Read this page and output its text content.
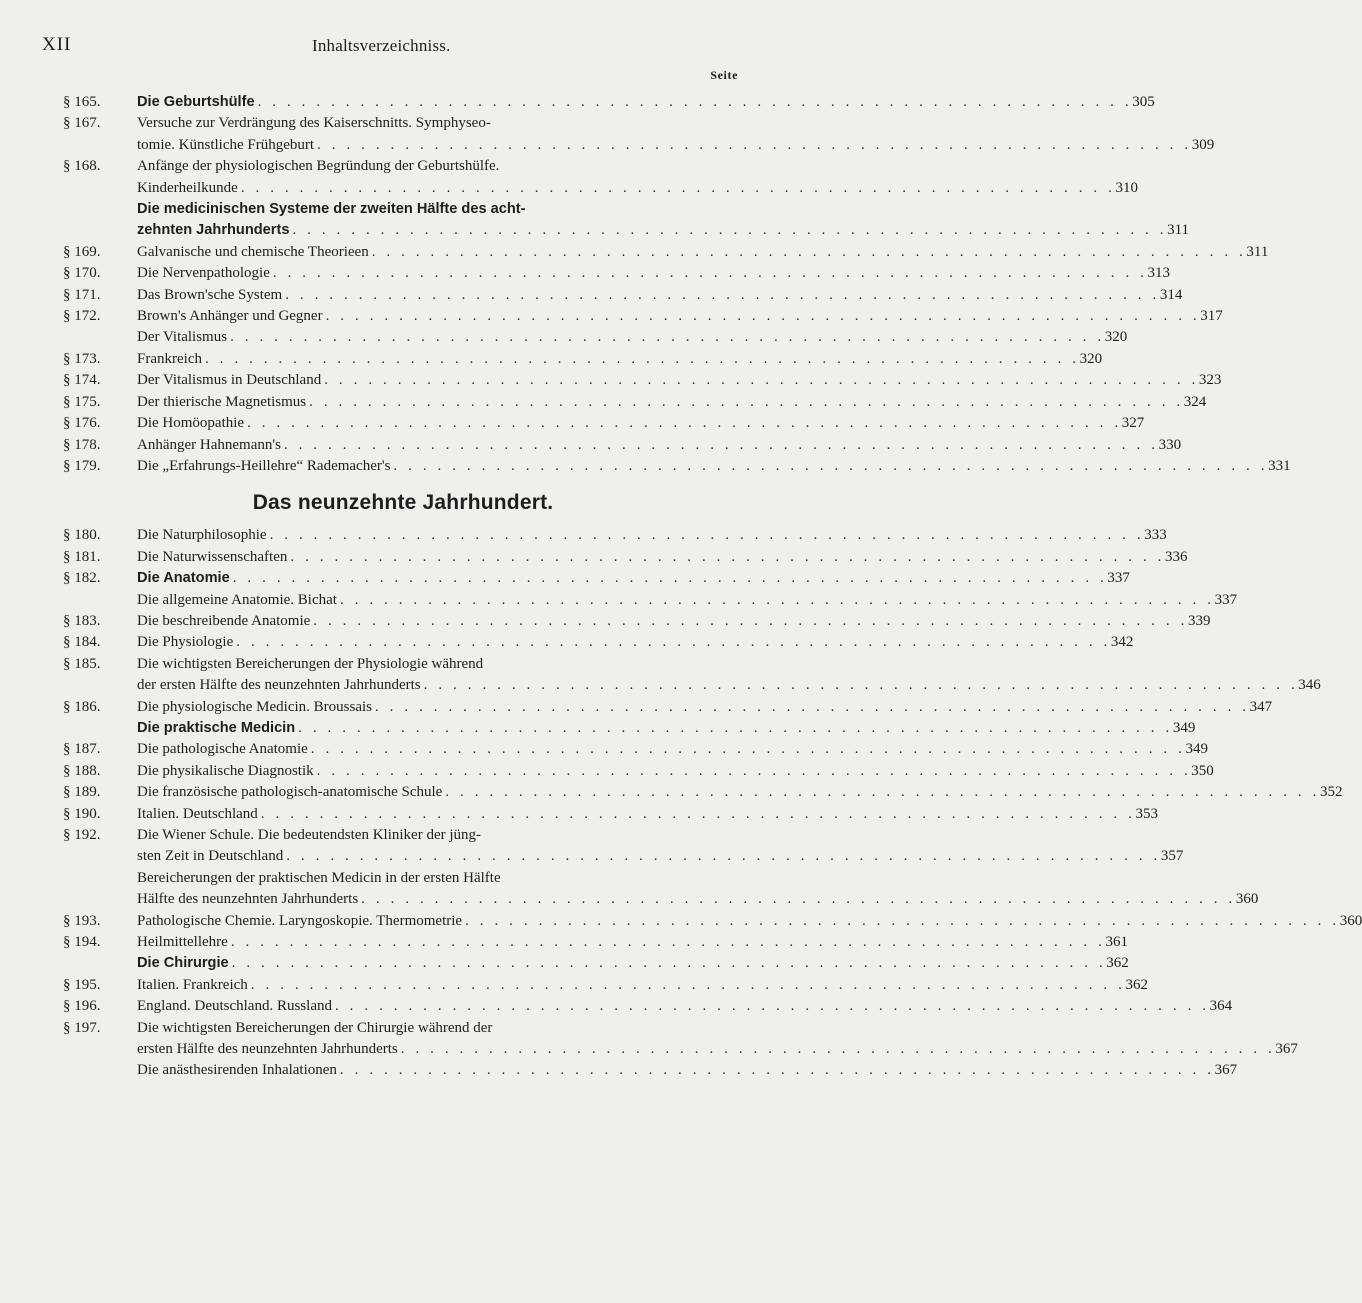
XII	Inhaltsverzeichniss.
Seite
§ 165.	Die Geburtshülfe . . . . . . . . . . . . . . . . . . . . . . . . . . . . . . . . . . . . . . . . . . . . . . . . . . . . . . . . . . . . 305
§ 167.	Versuche zur Verdrängung des Kaiserschnitts. Symphyseo-
tomie. Künstliche Frühgeburt . . . . . . . . . . . . . . . . . . . . . . . . . . . . . . . . . . . . . . . . . . . . . . . . . . . . . . . . . . . . 309
§ 168.	Anfänge der physiologischen Begründung der Geburtshülfe.
Kinderheilkunde . . . . . . . . . . . . . . . . . . . . . . . . . . . . . . . . . . . . . . . . . . . . . . . . . . . . . . . . . . . . 310
Die medicinischen Systeme der zweiten Hälfte des acht-
zehnten Jahrhunderts . . . . . . . . . . . . . . . . . . . . . . . . . . . . . . . . . . . . . . . . . . . . . . . . . . . . . . . . . . . . 311
§ 169.	Galvanische und chemische Theorieen . . . . . . . . . . . . . . . . . . . . . . . . . . . . . . . . . . . . . . . . . . . . . . . . . . . . . . . . . . . . 311
§ 170.	Die Nervenpathologie . . . . . . . . . . . . . . . . . . . . . . . . . . . . . . . . . . . . . . . . . . . . . . . . . . . . . . . . . . . . 313
§ 171.	Das Brown'sche System . . . . . . . . . . . . . . . . . . . . . . . . . . . . . . . . . . . . . . . . . . . . . . . . . . . . . . . . . . . . 314
§ 172.	Brown's Anhänger und Gegner . . . . . . . . . . . . . . . . . . . . . . . . . . . . . . . . . . . . . . . . . . . . . . . . . . . . . . . . . . . . 317
Der Vitalismus . . . . . . . . . . . . . . . . . . . . . . . . . . . . . . . . . . . . . . . . . . . . . . . . . . . . . . . . . . . . 320
§ 173.	Frankreich . . . . . . . . . . . . . . . . . . . . . . . . . . . . . . . . . . . . . . . . . . . . . . . . . . . . . . . . . . . . 320
§ 174.	Der Vitalismus in Deutschland . . . . . . . . . . . . . . . . . . . . . . . . . . . . . . . . . . . . . . . . . . . . . . . . . . . . . . . . . . . . 323
§ 175.	Der thierische Magnetismus . . . . . . . . . . . . . . . . . . . . . . . . . . . . . . . . . . . . . . . . . . . . . . . . . . . . . . . . . . . . 324
§ 176.	Die Homöopathie . . . . . . . . . . . . . . . . . . . . . . . . . . . . . . . . . . . . . . . . . . . . . . . . . . . . . . . . . . . . 327
§ 178.	Anhänger Hahnemann's . . . . . . . . . . . . . . . . . . . . . . . . . . . . . . . . . . . . . . . . . . . . . . . . . . . . . . . . . . . . 330
§ 179.	Die „Erfahrungs-Heillehre“ Rademacher's . . . . . . . . . . . . . . . . . . . . . . . . . . . . . . . . . . . . . . . . . . . . . . . . . . . . . . . . . . . . 331
Das neunzehnte Jahrhundert.
§ 180.	Die Naturphilosophie . . . . . . . . . . . . . . . . . . . . . . . . . . . . . . . . . . . . . . . . . . . . . . . . . . . . . . . . . . . . 333
§ 181.	Die Naturwissenschaften . . . . . . . . . . . . . . . . . . . . . . . . . . . . . . . . . . . . . . . . . . . . . . . . . . . . . . . . . . . . 336
§ 182.	Die Anatomie . . . . . . . . . . . . . . . . . . . . . . . . . . . . . . . . . . . . . . . . . . . . . . . . . . . . . . . . . . . . 337
Die allgemeine Anatomie. Bichat . . . . . . . . . . . . . . . . . . . . . . . . . . . . . . . . . . . . . . . . . . . . . . . . . . . . . . . . . . . . 337
§ 183.	Die beschreibende Anatomie . . . . . . . . . . . . . . . . . . . . . . . . . . . . . . . . . . . . . . . . . . . . . . . . . . . . . . . . . . . . 339
§ 184.	Die Physiologie . . . . . . . . . . . . . . . . . . . . . . . . . . . . . . . . . . . . . . . . . . . . . . . . . . . . . . . . . . . . 342
§ 185.	Die wichtigsten Bereicherungen der Physiologie während
der ersten Hälfte des neunzehnten Jahrhunderts . . . . . . . . . . . . . . . . . . . . . . . . . . . . . . . . . . . . . . . . . . . . . . . . . . . . . . . . . . . . 346
§ 186.	Die physiologische Medicin. Broussais . . . . . . . . . . . . . . . . . . . . . . . . . . . . . . . . . . . . . . . . . . . . . . . . . . . . . . . . . . . . 347
Die praktische Medicin . . . . . . . . . . . . . . . . . . . . . . . . . . . . . . . . . . . . . . . . . . . . . . . . . . . . . . . . . . . . 349
§ 187.	Die pathologische Anatomie . . . . . . . . . . . . . . . . . . . . . . . . . . . . . . . . . . . . . . . . . . . . . . . . . . . . . . . . . . . . 349
§ 188.	Die physikalische Diagnostik . . . . . . . . . . . . . . . . . . . . . . . . . . . . . . . . . . . . . . . . . . . . . . . . . . . . . . . . . . . . 350
§ 189.	Die französische pathologisch-anatomische Schule . . . . . . . . . . . . . . . . . . . . . . . . . . . . . . . . . . . . . . . . . . . . . . . . . . . . . . . . . . . . 352
§ 190.	Italien. Deutschland . . . . . . . . . . . . . . . . . . . . . . . . . . . . . . . . . . . . . . . . . . . . . . . . . . . . . . . . . . . . 353
§ 192.	Die Wiener Schule. Die bedeutendsten Kliniker der jüng-
sten Zeit in Deutschland . . . . . . . . . . . . . . . . . . . . . . . . . . . . . . . . . . . . . . . . . . . . . . . . . . . . . . . . . . . . 357
Bereicherungen der praktischen Medicin in der ersten Hälfte
Hälfte des neunzehnten Jahrhunderts . . . . . . . . . . . . . . . . . . . . . . . . . . . . . . . . . . . . . . . . . . . . . . . . . . . . . . . . . . . . 360
§ 193.	Pathologische Chemie. Laryngoskopie. Thermometrie . . . . . . . . . . . . . . . . . . . . . . . . . . . . . . . . . . . . . . . . . . . . . . . . . . . . . . . . . . . . 360
§ 194.	Heilmittellehre . . . . . . . . . . . . . . . . . . . . . . . . . . . . . . . . . . . . . . . . . . . . . . . . . . . . . . . . . . . . 361
Die Chirurgie . . . . . . . . . . . . . . . . . . . . . . . . . . . . . . . . . . . . . . . . . . . . . . . . . . . . . . . . . . . . 362
§ 195.	Italien. Frankreich . . . . . . . . . . . . . . . . . . . . . . . . . . . . . . . . . . . . . . . . . . . . . . . . . . . . . . . . . . . . 362
§ 196.	England. Deutschland. Russland . . . . . . . . . . . . . . . . . . . . . . . . . . . . . . . . . . . . . . . . . . . . . . . . . . . . . . . . . . . . 364
§ 197.	Die wichtigsten Bereicherungen der Chirurgie während der
ersten Hälfte des neunzehnten Jahrhunderts . . . . . . . . . . . . . . . . . . . . . . . . . . . . . . . . . . . . . . . . . . . . . . . . . . . . . . . . . . . . 367
Die anästhesirenden Inhalationen . . . . . . . . . . . . . . . . . . . . . . . . . . . . . . . . . . . . . . . . . . . . . . . . . . . . . . . . . . . . 367
